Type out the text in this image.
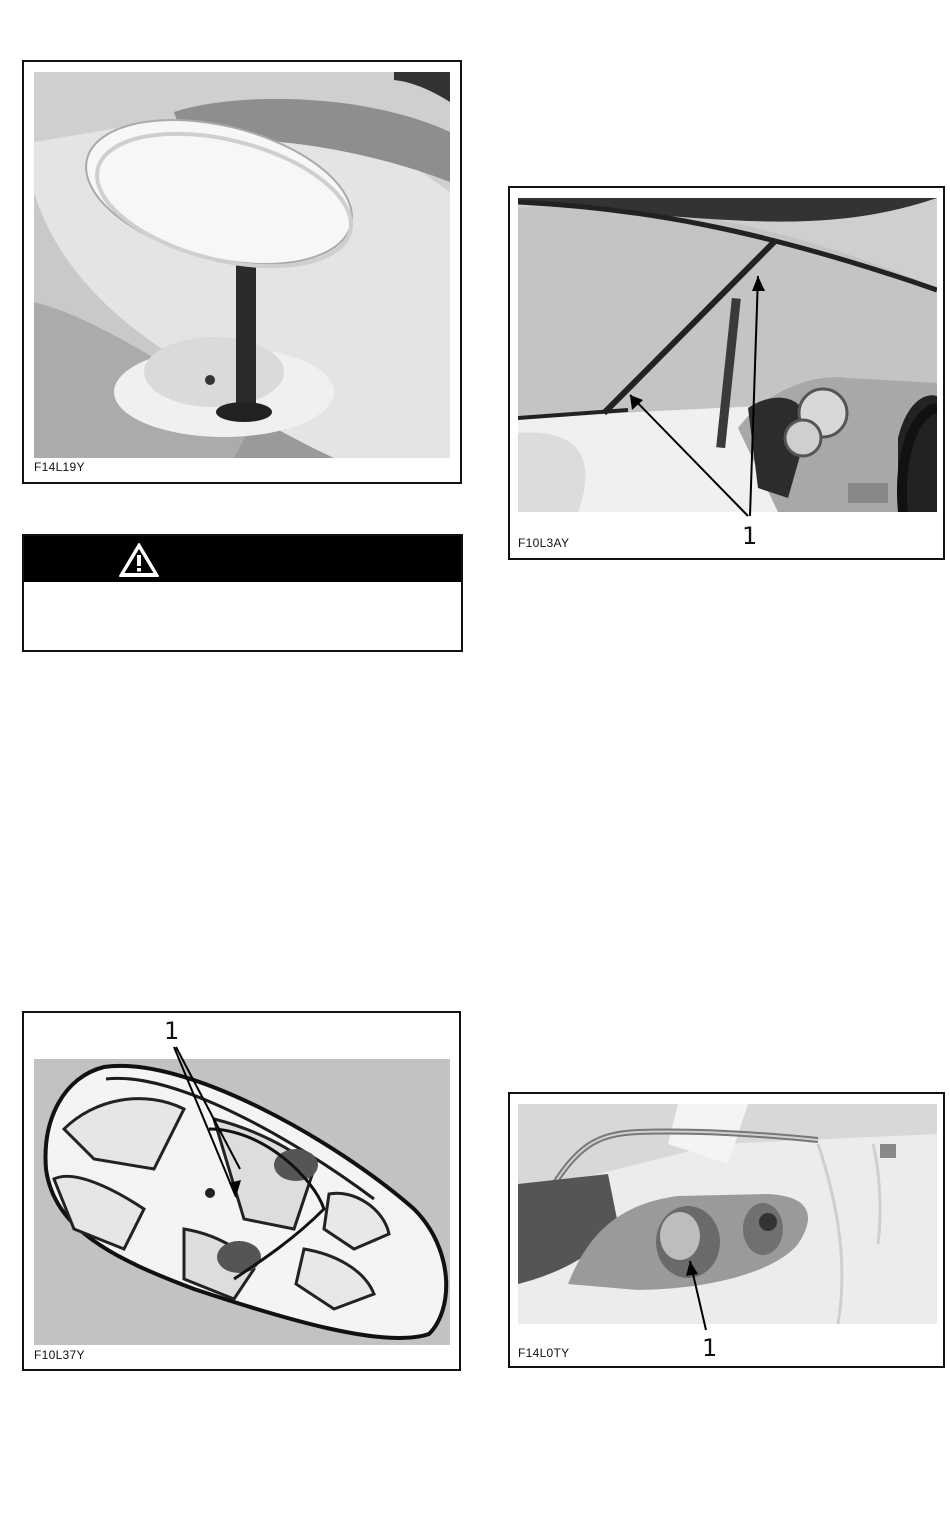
F14L19Y
F10L3AY	1
F10L37Y
1
F14L0TY	1
